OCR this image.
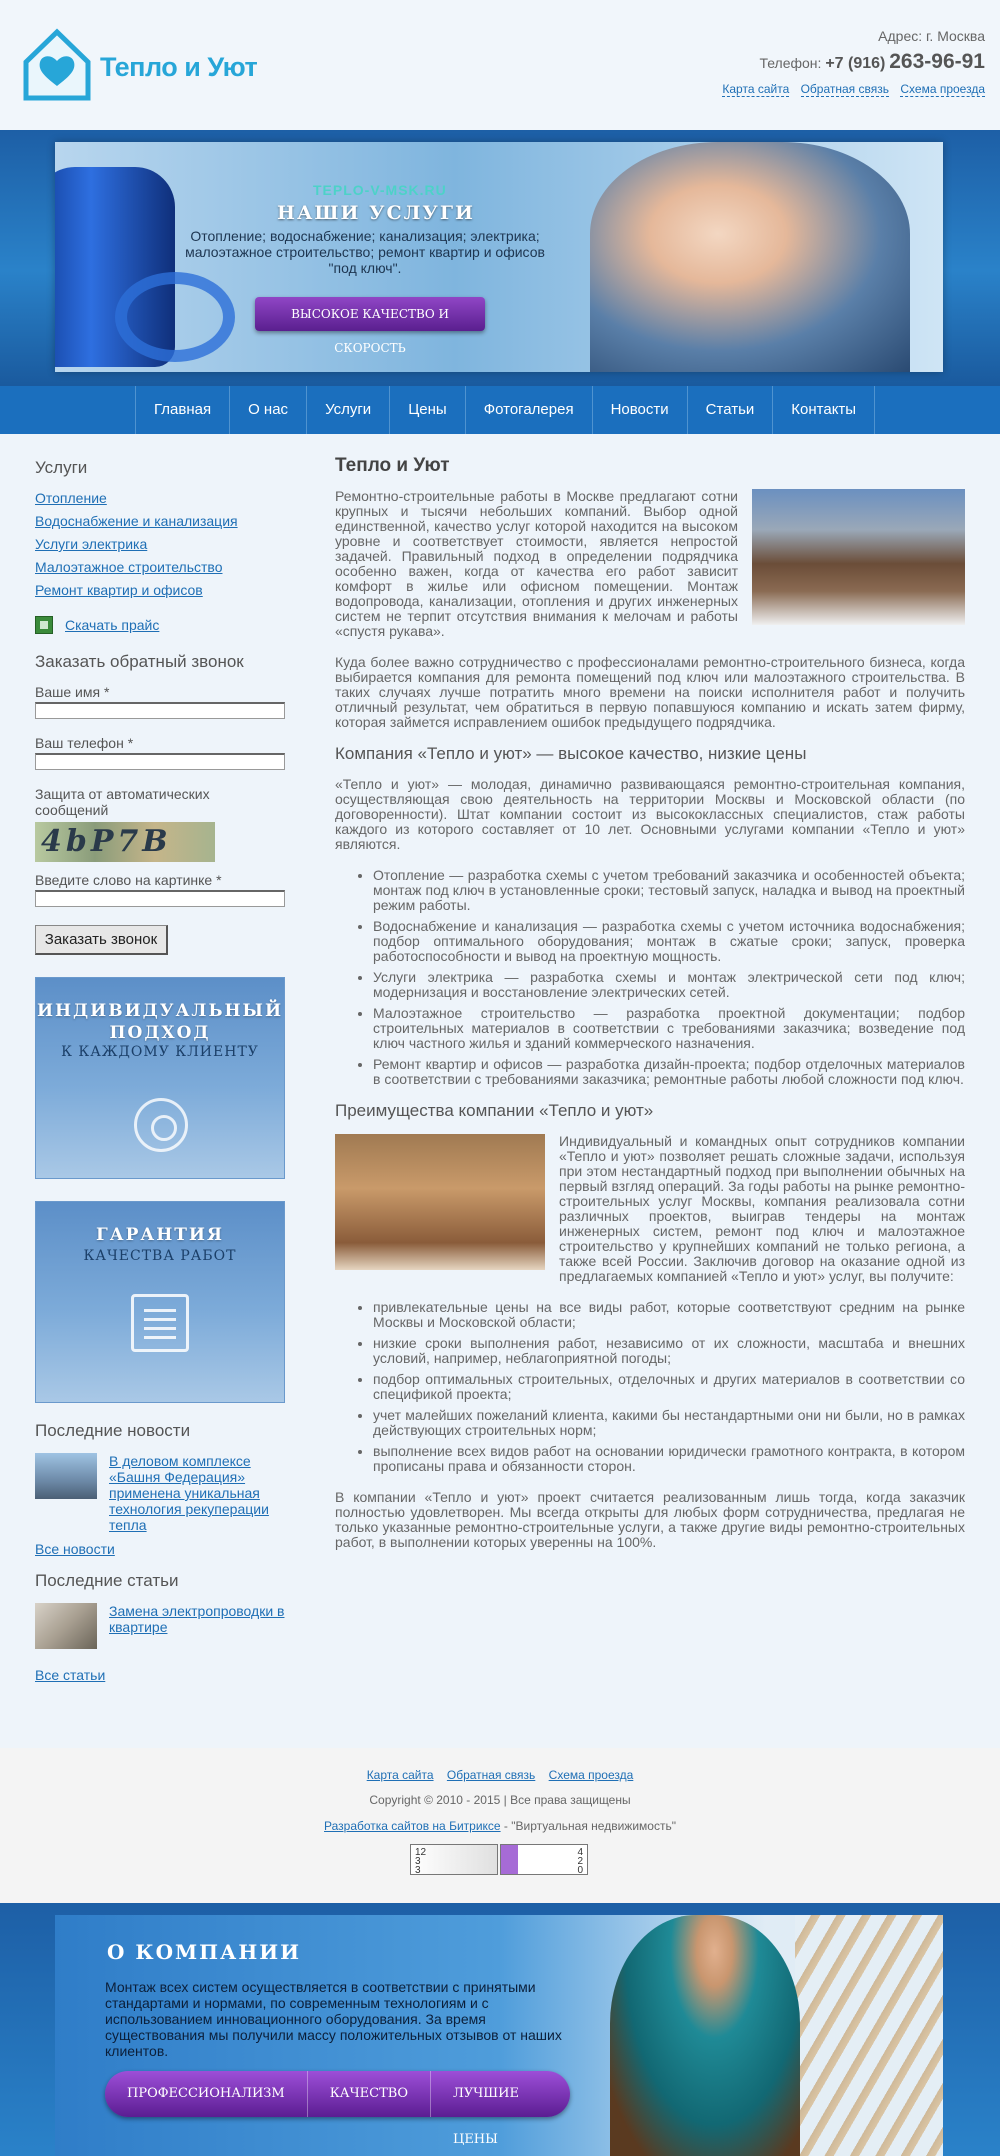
Тепло и Уют
Адрес: г. Москва
Телефон: +7 (916) 263-96-91
Карта сайта Обратная связь Схема проезда
TEPLO-V-MSK.RU
НАШИ УСЛУГИ
Отопление; водоснабжение; канализация; электрика; малоэтажное строительство; ремонт квартир и офисов "под ключ".
ВЫСОКОЕ КАЧЕСТВО И СКОРОСТЬ
Главная	О нас	Услуги	Цены	Фотогалерея	Новости	Статьи	Контакты
Услуги
Отопление
Водоснабжение и канализация
Услуги электрика
Малоэтажное строительство
Ремонт квартир и офисов
Скачать прайс
Заказать обратный звонок
Ваше имя *
Ваш телефон *
Защита от автоматических сообщений
4bP7B
Введите слово на картинке *
Заказать звонок
ИНДИВИДУАЛЬНЫЙ
ПОДХОД
К КАЖДОМУ КЛИЕНТУ
ГАРАНТИЯ
КАЧЕСТВА РАБОТ
Последние новости
В деловом комплексе «Башня Федерация» применена уникальная технология рекуперации тепла
Все новости
Последние статьи
Замена электропроводки в квартире
Все статьи
Тепло и Уют

Ремонтно-строительные работы в Москве предлагают сотни крупных и тысячи небольших компаний. Выбор одной единственной, качество услуг которой находится на высоком уровне и соответствует стоимости, является непростой задачей. Правильный подход в определении подрядчика особенно важен, когда от качества его работ зависит комфорт в жилье или офисном помещении. Монтаж водопровода, канализации, отопления и других инженерных систем не терпит отсутствия внимания к мелочам и работы «спустя рукава».

Куда более важно сотрудничество с профессионалами ремонтно-строительного бизнеса, когда выбирается компания для ремонта помещений под ключ или малоэтажного строительства. В таких случаях лучше потратить много времени на поиски исполнителя работ и получить отличный результат, чем обратиться в первую попавшуюся компанию и искать затем фирму, которая займется исправлением ошибок предыдущего подрядчика.

Компания «Тепло и уют» — высокое качество, низкие цены

«Тепло и уют» — молодая, динамично развивающаяся ремонтно-строительная компания, осуществляющая свою деятельность на территории Москвы и Московской области (по договоренности). Штат компании состоит из высококлассных специалистов, стаж работы каждого из которого составляет от 10 лет. Основными услугами компании «Тепло и уют» являются.

• Отопление — разработка схемы с учетом требований заказчика и особенностей объекта; монтаж под ключ в установленные сроки; тестовый запуск, наладка и вывод на проектный режим работы.
• Водоснабжение и канализация — разработка схемы с учетом источника водоснабжения; подбор оптимального оборудования; монтаж в сжатые сроки; запуск, проверка работоспособности и вывод на проектную мощность.
• Услуги электрика — разработка схемы и монтаж электрической сети под ключ; модернизация и восстановление электрических сетей.
• Малоэтажное строительство — разработка проектной документации; подбор строительных материалов в соответствии с требованиями заказчика; возведение под ключ частного жилья и зданий коммерческого назначения.
• Ремонт квартир и офисов — разработка дизайн-проекта; подбор отделочных материалов в соответствии с требованиями заказчика; ремонтные работы любой сложности под ключ.
Преимущества компании «Тепло и уют»

Индивидуальный и командных опыт сотрудников компании «Тепло и уют» позволяет решать сложные задачи, используя при этом нестандартный подход при выполнении обычных на первый взгляд операций. За годы работы на рынке ремонтно-строительных услуг Москвы, компания реализовала сотни различных проектов, выиграв тендеры на монтаж инженерных систем, ремонт под ключ и малоэтажное строительство у крупнейших компаний не только региона, а также всей России. Заключив договор на оказание одной из предлагаемых компанией «Тепло и уют» услуг, вы получите:

• привлекательные цены на все виды работ, которые соответствуют средним на рынке Москвы и Московской области;
• низкие сроки выполнения работ, независимо от их сложности, масштаба и внешних условий, например, неблагоприятной погоды;
• подбор оптимальных строительных, отделочных и других материалов в соответствии со спецификой проекта;
• учет малейших пожеланий клиента, какими бы нестандартными они ни были, но в рамках действующих строительных норм;
• выполнение всех видов работ на основании юридически грамотного контракта, в котором прописаны права и обязанности сторон.

В компании «Тепло и уют» проект считается реализованным лишь тогда, когда заказчик полностью удовлетворен. Мы всегда открыты для любых форм сотрудничества, предлагая не только указанные ремонтно-строительные услуги, а также другие виды ремонтно-строительных работ, в выполнении которых уверенны на 100%.

Карта сайта Обратная связь Схема проезда
Copyright © 2010 - 2015 | Все права защищены
Разработка сайтов на Битриксе - "Виртуальная недвижимость"
12
3
3
4
2
0
О КОМПАНИИ
Монтаж всех систем осуществляется в соответствии с принятыми стандартами и нормами, по современным технологиям и с использованием инновационного оборудования. За время существования мы получили массу положительных отзывов от наших клиентов.
ПРОФЕССИОНАЛИЗМ	КАЧЕСТВО	ЛУЧШИЕ ЦЕНЫ
